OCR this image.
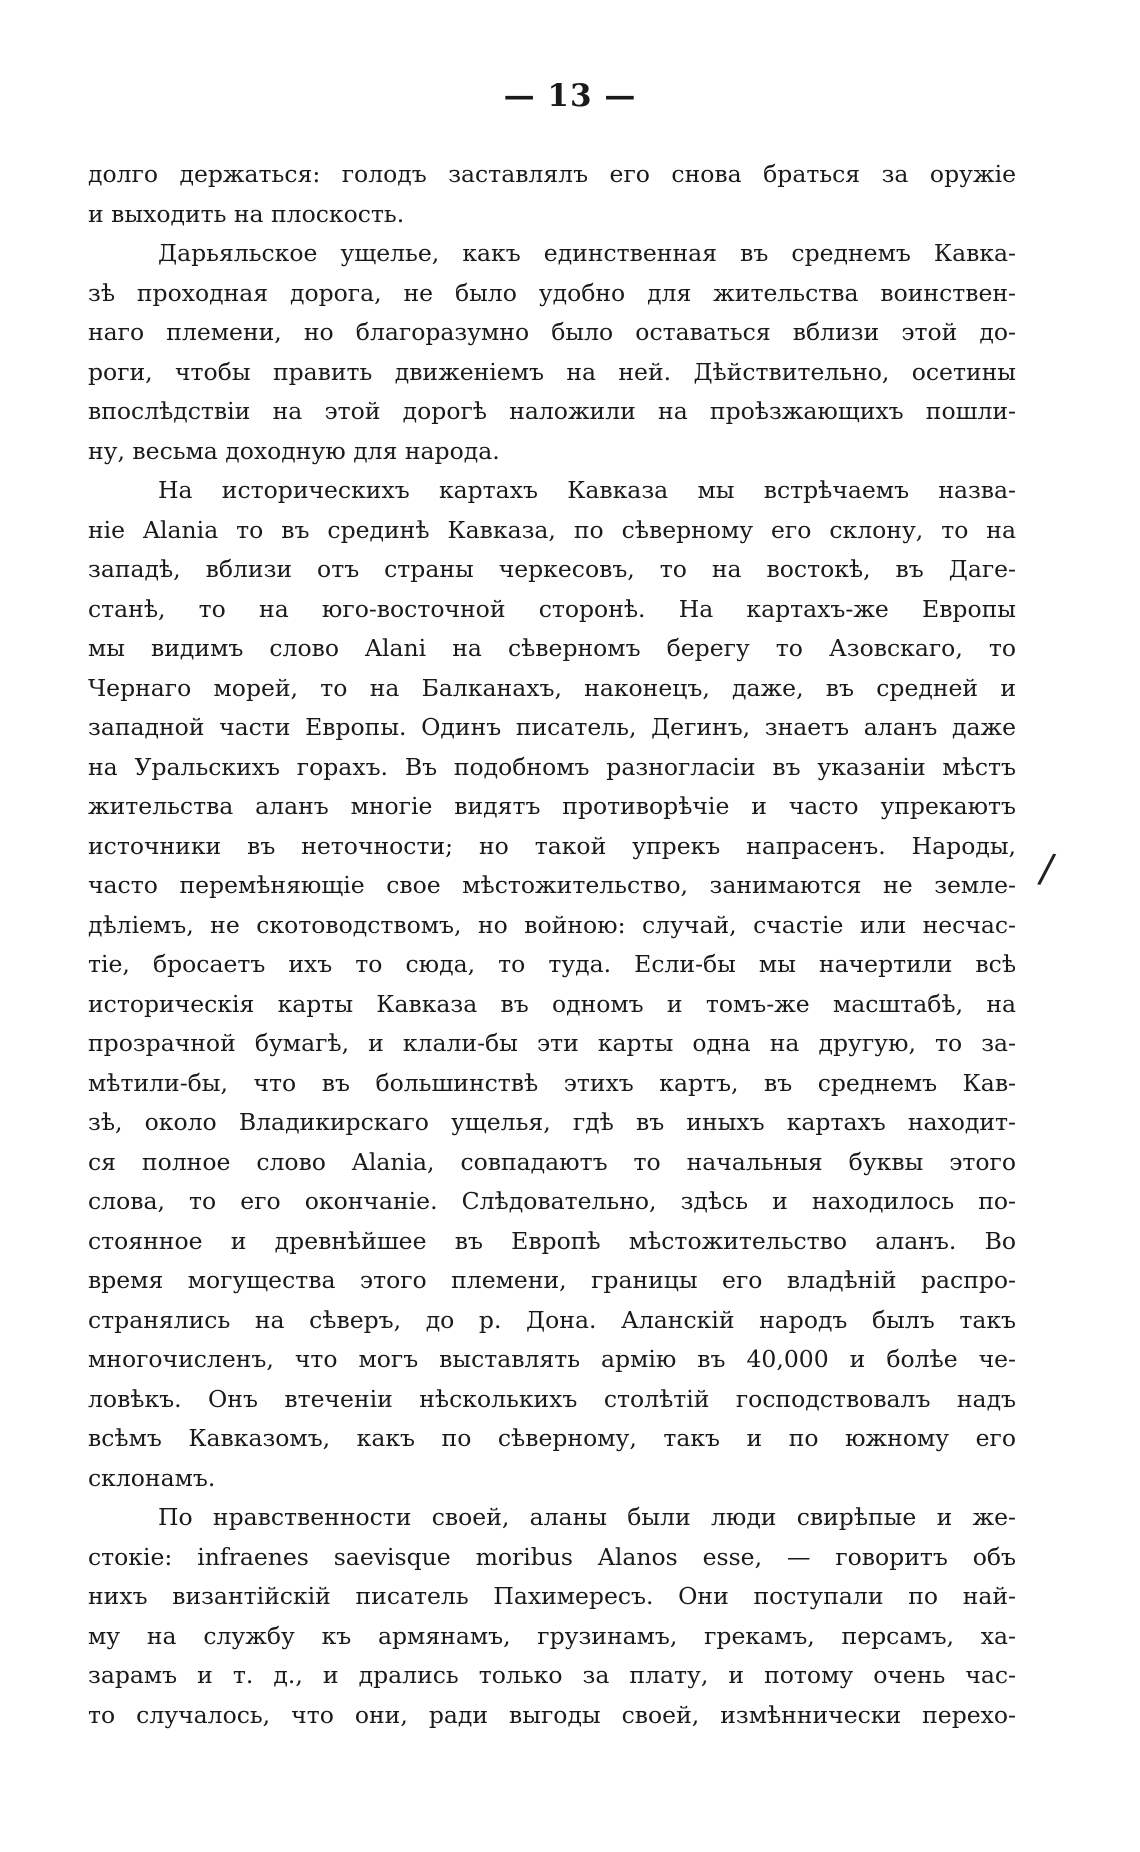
— 13 —
долго держаться: голодъ заставлялъ его снова браться за оружіе
и выходить на плоскость.
Дарьяльское ущелье, какъ единственная въ среднемъ Кавка-
зѣ проходная дорога, не было удобно для жительства воинствен-
наго племени, но благоразумно было оставаться вблизи этой до-
роги, чтобы править движеніемъ на ней. Дѣйствительно, осетины
впослѣдствіи на этой дорогѣ наложили на проѣзжающихъ пошли-
ну, весьма доходную для народа.
На историческихъ картахъ Кавказа мы встрѣчаемъ назва-
ніе Alania то въ срединѣ Кавказа, по сѣверному его склону, то на
западѣ, вблизи отъ страны черкесовъ, то на востокѣ, въ Даге-
станѣ, то на юго-восточной сторонѣ. На картахъ-же Европы
мы видимъ слово Alani на сѣверномъ берегу то Азовскаго, то
Чернаго морей, то на Балканахъ, наконецъ, даже, въ средней и
западной части Европы. Одинъ писатель, Дегинъ, знаетъ аланъ даже
на Уральскихъ горахъ. Въ подобномъ разногласіи въ указаніи мѣстъ
жительства аланъ многіе видятъ противорѣчіе и часто упрекаютъ
источники въ неточности; но такой упрекъ напрасенъ. Народы,
часто перемѣняющіе свое мѣстожительство, занимаются не земле-
дѣліемъ, не скотоводствомъ, но войною: случай, счастіе или несчас-
тіе, бросаетъ ихъ то сюда, то туда. Если-бы мы начертили всѣ
историческія карты Кавказа въ одномъ и томъ-же масштабѣ, на
прозрачной бумагѣ, и клали-бы эти карты одна на другую, то за-
мѣтили-бы, что въ большинствѣ этихъ картъ, въ среднемъ Кав-
зѣ, около Владикирскаго ущелья, гдѣ въ иныхъ картахъ находит-
ся полное слово Alania, совпадаютъ то начальныя буквы этого
слова, то его окончаніе. Слѣдовательно, здѣсь и находилось по-
стоянное и древнѣйшее въ Европѣ мѣстожительство аланъ. Во
время могущества этого племени, границы его владѣній распро-
странялись на сѣверъ, до р. Дона. Аланскій народъ былъ такъ
многочисленъ, что могъ выставлять армію въ 40,000 и болѣе че-
ловѣкъ. Онъ втеченіи нѣсколькихъ столѣтій господствовалъ надъ
всѣмъ Кавказомъ, какъ по сѣверному, такъ и по южному его
склонамъ.
По нравственности своей, аланы были люди свирѣпые и же-
стокіе: infraenes saevisque moribus Alanos esse, — говоритъ объ
нихъ византійскій писатель Пахимересъ. Они поступали по най-
му на службу къ армянамъ, грузинамъ, грекамъ, персамъ, ха-
зарамъ и т. д., и дрались только за плату, и потому очень час-
то случалось, что они, ради выгоды своей, измѣннически перехо-
/
